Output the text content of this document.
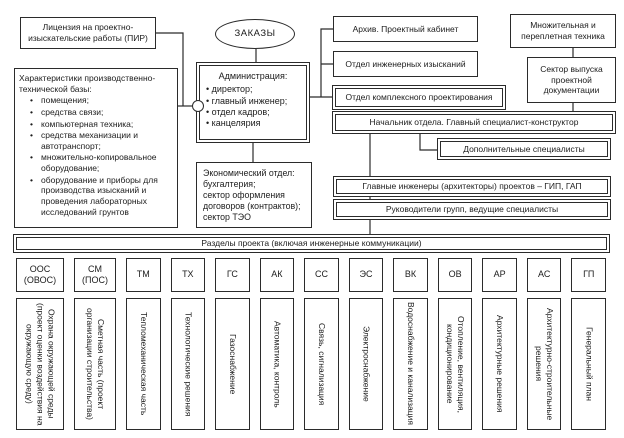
Лицензия на проектно-изыскательские работы (ПИР)
Характеристики производственно-технической базы:
• помещения;
• средства связи;
• компьютерная техника;
• средства механизации и автотранспорт;
• множительно-копировальное оборудование;
• оборудование и приборы для производства изысканий и проведения лабораторных исследований грунтов
ЗАКАЗЫ
Администрация:
• директор;
• главный инженер;
• отдел кадров;
• канцелярия
Экономический отдел:
бухгалтерия;
сектор оформления договоров (контрактов);
сектор ТЭО
Архив. Проектный кабинет
Отдел инженерных изысканий
Отдел комплексного проектирования
Множительная и переплетная техника
Сектор выпуска проектной документации
Начальник отдела. Главный специалист-конструктор
Дополнительные специалисты
Главные инженеры (архитекторы) проектов – ГИП, ГАП
Руководители групп, ведущие специалисты
Разделы проекта (включая инженерные коммуникации)
ООС (ОВОС)
Охрана окружающей среды (проект оценки воздействия на окружающую среду)
СМ (ПОС)
Сметная часть (проект организации строительства)
ТМ
Тепломеханическая часть
ТХ
Технологические решения
ГС
Газоснабжение
АК
Автоматика, контроль
СС
Связь, сигнализация
ЭС
Электроснабжение
ВК
Водоснабжение и канализация
ОВ
Отопление, вентиляция, кондиционирование
АР
Архитектурные решения
АС
Архитектурно-строительные решения
ГП
Генеральный план
